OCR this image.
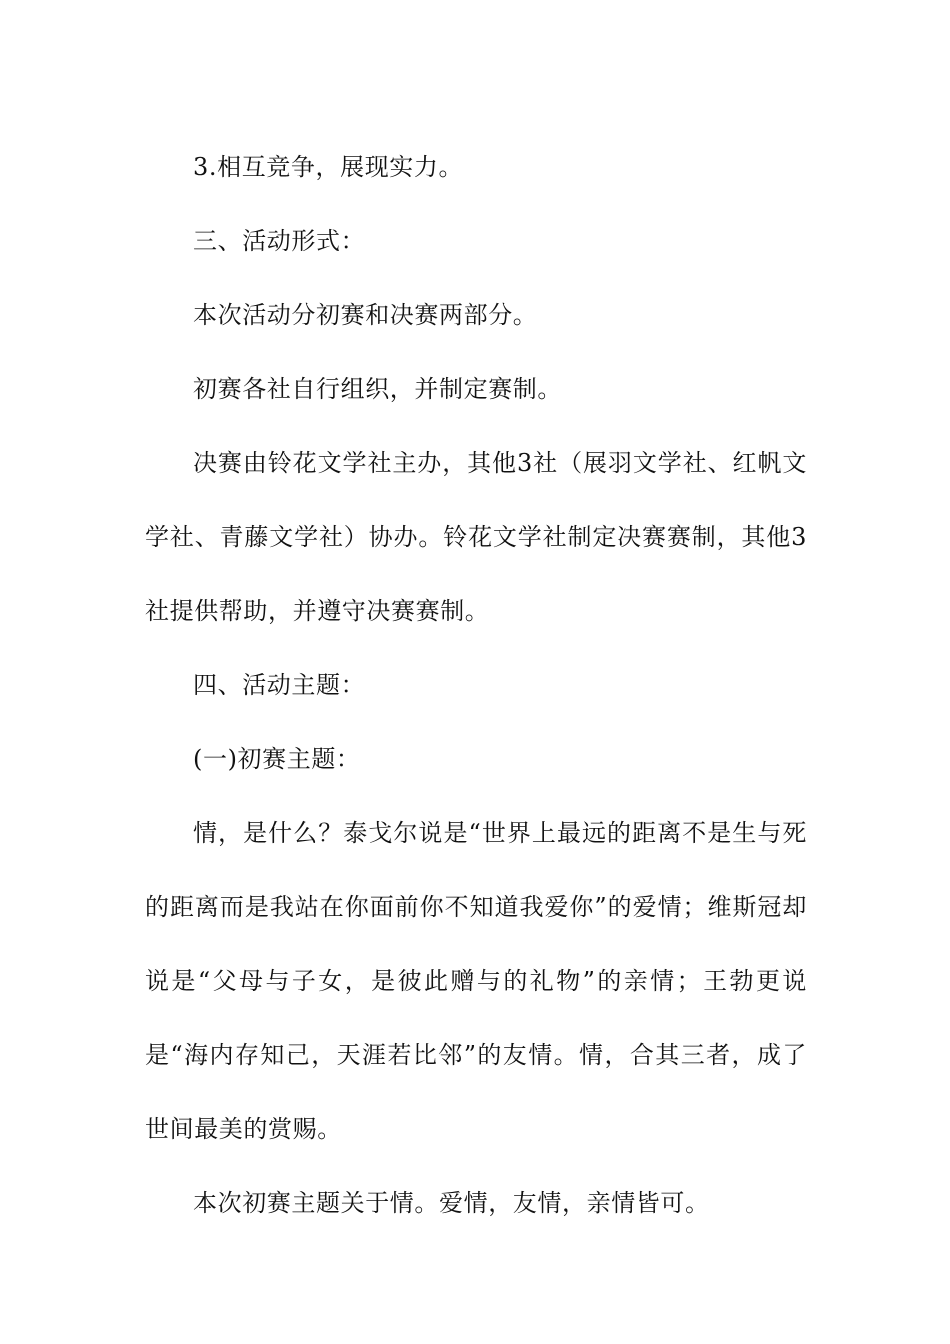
3.相互竞争，展现实力。

三、活动形式：

本次活动分初赛和决赛两部分。

初赛各社自行组织，并制定赛制。

决赛由铃花文学社主办，其他3社（展羽文学社、红帆文学社、青藤文学社）协办。铃花文学社制定决赛赛制，其他3社提供帮助，并遵守决赛赛制。

四、活动主题：

(一)初赛主题：

情，是什么？泰戈尔说是“世界上最远的距离不是生与死的距离而是我站在你面前你不知道我爱你”的爱情；维斯冠却说是“父母与子女，是彼此赠与的礼物”的亲情；王勃更说是“海内存知己，天涯若比邻”的友情。情，合其三者，成了世间最美的赏赐。

本次初赛主题关于情。爱情，友情，亲情皆可。
